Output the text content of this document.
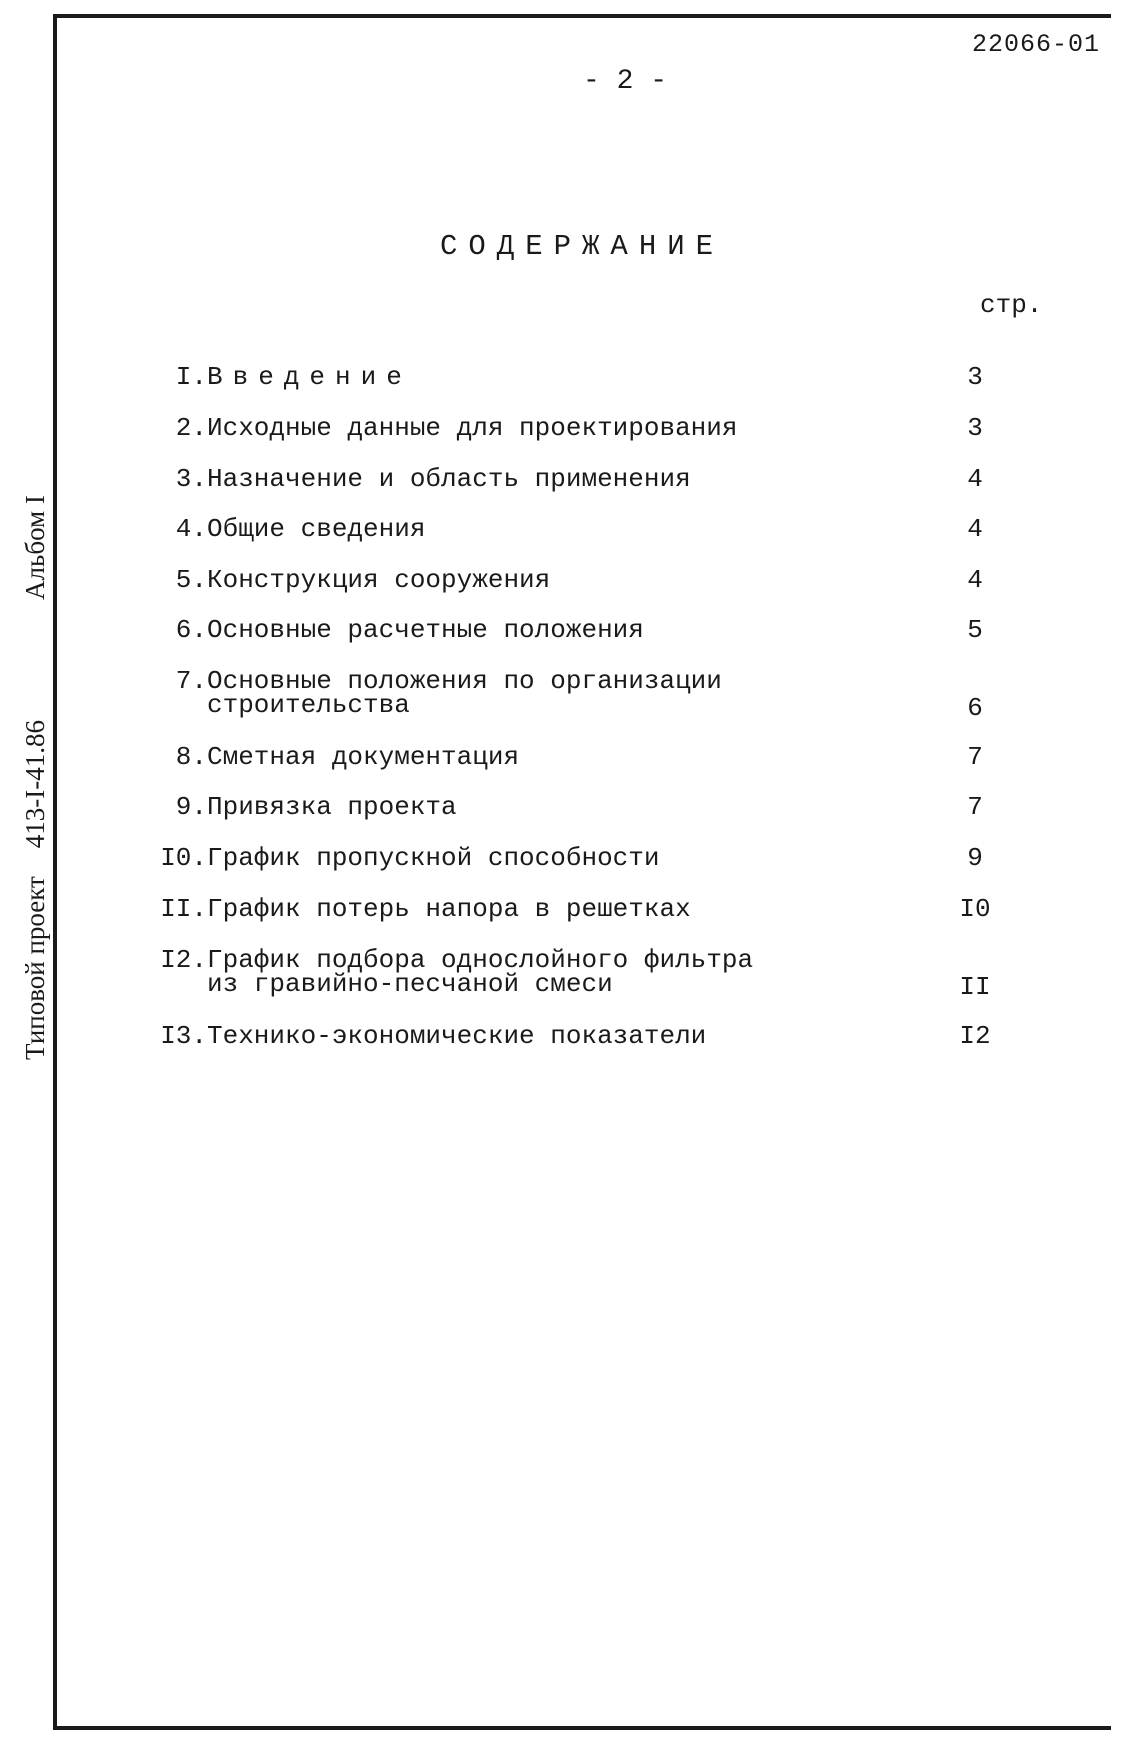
22066-01
- 2 -
Типовой проект
413-I-41.86
Альбом I
СОДЕРЖАНИЕ
стр.
I. Введение	3
2. Исходные данные для проектирования	3
3. Назначение и область применения	4
4. Общие сведения	4
5. Конструкция сооружения	4
6. Основные расчетные положения	5
7. Основные положения по организации
строительства	6
8. Сметная документация	7
9. Привязка проекта	7
I0. График пропускной способности	9
II. График потерь напора в решетках	I0
I2. График подбора однослойного фильтра
из гравийно-песчаной смеси	II
I3. Технико-экономические показатели	I2
